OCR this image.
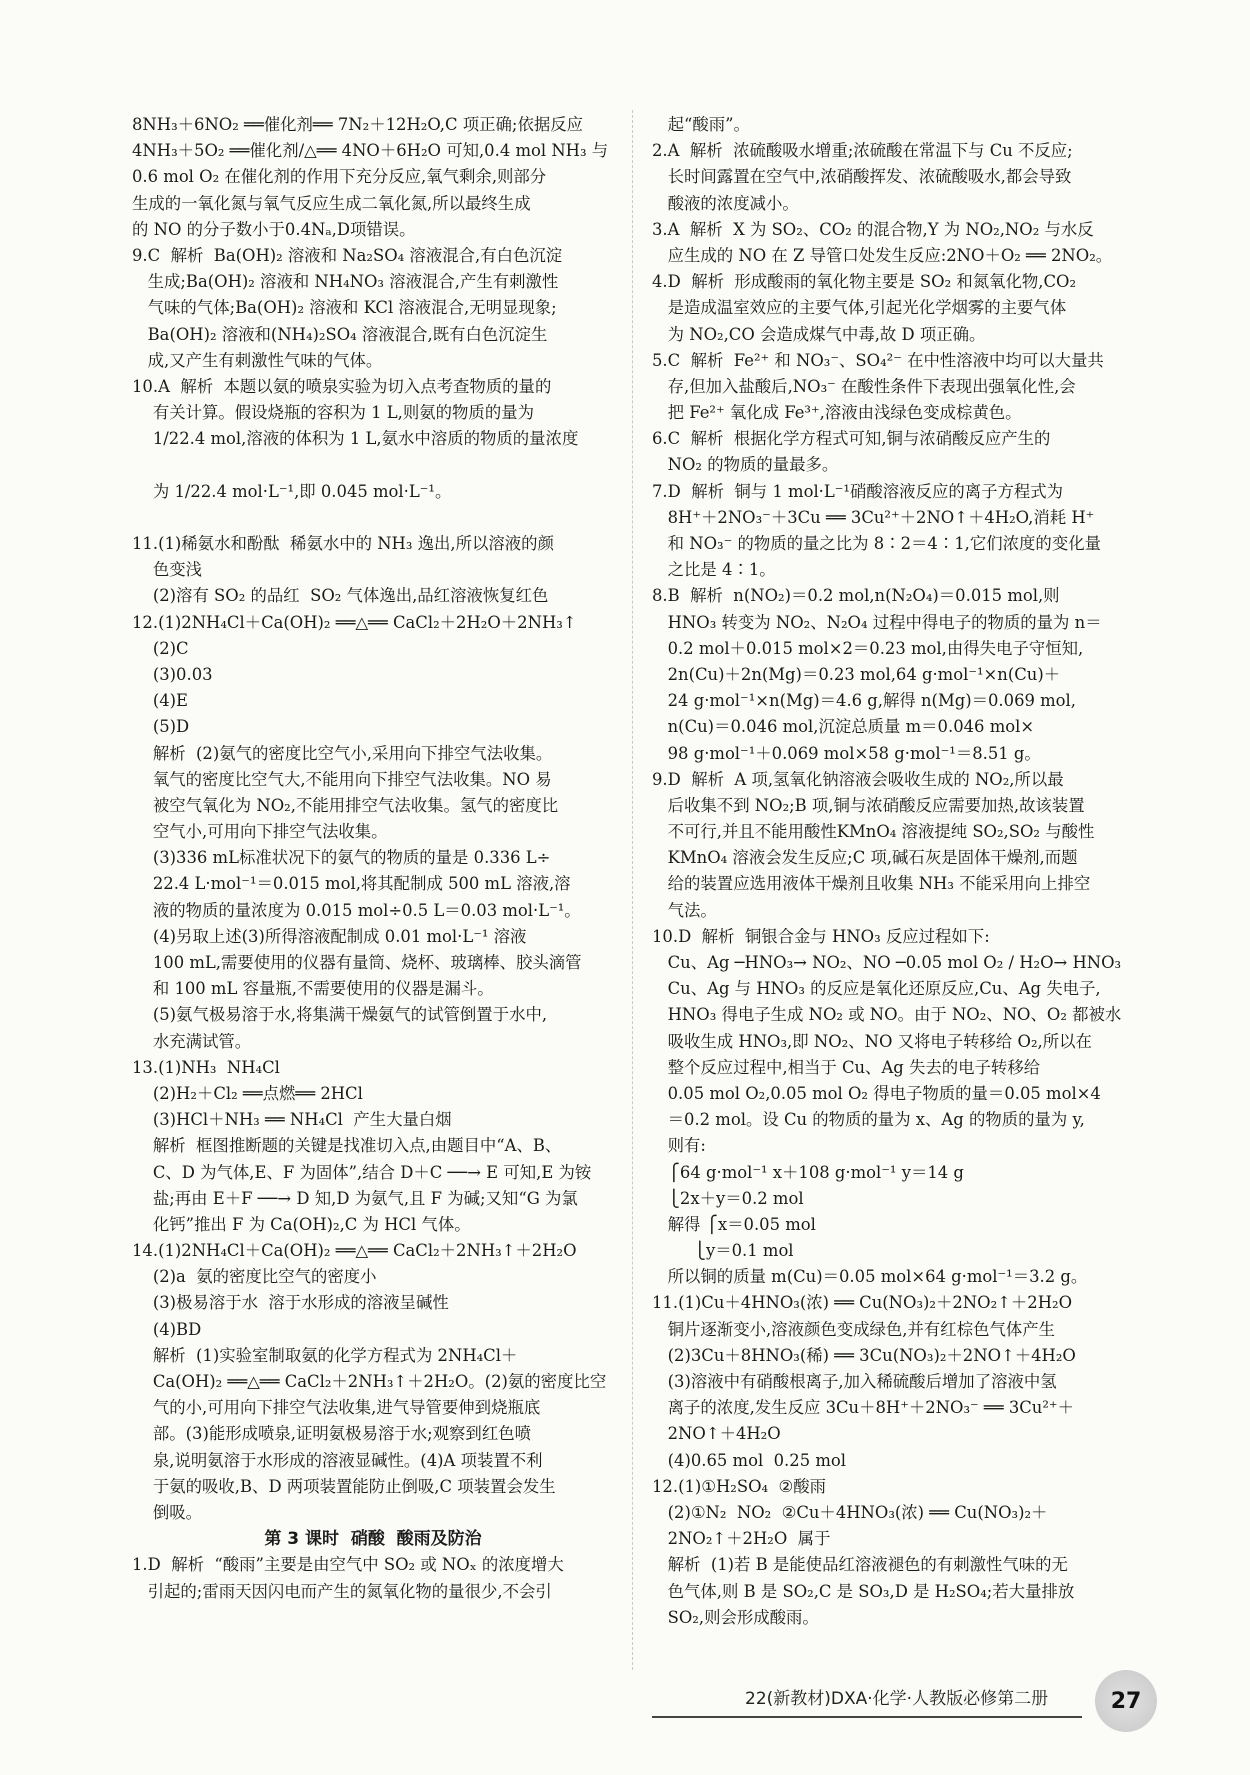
8NH₃＋6NO₂ ══催化剂══ 7N₂＋12H₂O,C 项正确;依据反应
4NH₃＋5O₂ ══催化剂/△══ 4NO＋6H₂O 可知,0.4 mol NH₃ 与
0.6 mol O₂ 在催化剂的作用下充分反应,氧气剩余,则部分
生成的一氧化氮与氧气反应生成二氧化氮,所以最终生成
的 NO 的分子数小于0.4Nₐ,D项错误。
9.C  解析  Ba(OH)₂ 溶液和 Na₂SO₄ 溶液混合,有白色沉淀
生成;Ba(OH)₂ 溶液和 NH₄NO₃ 溶液混合,产生有刺激性
气味的气体;Ba(OH)₂ 溶液和 KCl 溶液混合,无明显现象;
Ba(OH)₂ 溶液和(NH₄)₂SO₄ 溶液混合,既有白色沉淀生
成,又产生有刺激性气味的气体。
10.A  解析  本题以氨的喷泉实验为切入点考查物质的量的
有关计算。假设烧瓶的容积为 1 L,则氨的物质的量为
1/22.4 mol,溶液的体积为 1 L,氨水中溶质的物质的量浓度
为 1/22.4 mol·L⁻¹,即 0.045 mol·L⁻¹。
11.(1)稀氨水和酚酞  稀氨水中的 NH₃ 逸出,所以溶液的颜
色变浅
(2)溶有 SO₂ 的品红  SO₂ 气体逸出,品红溶液恢复红色
12.(1)2NH₄Cl＋Ca(OH)₂ ══△══ CaCl₂＋2H₂O＋2NH₃↑
(2)C
(3)0.03
(4)E
(5)D
解析  (2)氨气的密度比空气小,采用向下排空气法收集。
氧气的密度比空气大,不能用向下排空气法收集。NO 易
被空气氧化为 NO₂,不能用排空气法收集。氢气的密度比
空气小,可用向下排空气法收集。
(3)336 mL标准状况下的氨气的物质的量是 0.336 L÷
22.4 L·mol⁻¹＝0.015 mol,将其配制成 500 mL 溶液,溶
液的物质的量浓度为 0.015 mol÷0.5 L＝0.03 mol·L⁻¹。
(4)另取上述(3)所得溶液配制成 0.01 mol·L⁻¹ 溶液
100 mL,需要使用的仪器有量筒、烧杯、玻璃棒、胶头滴管
和 100 mL 容量瓶,不需要使用的仪器是漏斗。
(5)氨气极易溶于水,将集满干燥氨气的试管倒置于水中,
水充满试管。
13.(1)NH₃  NH₄Cl
(2)H₂＋Cl₂ ══点燃══ 2HCl
(3)HCl＋NH₃ ══ NH₄Cl  产生大量白烟
解析  框图推断题的关键是找准切入点,由题目中“A、B、
C、D 为气体,E、F 为固体”,结合 D＋C ──→ E 可知,E 为铵
盐;再由 E＋F ──→ D 知,D 为氨气,且 F 为碱;又知“G 为氯
化钙”推出 F 为 Ca(OH)₂,C 为 HCl 气体。
14.(1)2NH₄Cl＋Ca(OH)₂ ══△══ CaCl₂＋2NH₃↑＋2H₂O
(2)a  氨的密度比空气的密度小
(3)极易溶于水  溶于水形成的溶液呈碱性
(4)BD
解析  (1)实验室制取氨的化学方程式为 2NH₄Cl＋
Ca(OH)₂ ══△══ CaCl₂＋2NH₃↑＋2H₂O。(2)氨的密度比空
气的小,可用向下排空气法收集,进气导管要伸到烧瓶底
部。(3)能形成喷泉,证明氨极易溶于水;观察到红色喷
泉,说明氨溶于水形成的溶液显碱性。(4)A 项装置不利
于氨的吸收,B、D 两项装置能防止倒吸,C 项装置会发生
倒吸。
第 3 课时  硝酸  酸雨及防治
1.D  解析  “酸雨”主要是由空气中 SO₂ 或 NOₓ 的浓度增大
引起的;雷雨天因闪电而产生的氮氧化物的量很少,不会引
起“酸雨”。
2.A  解析  浓硫酸吸水增重;浓硫酸在常温下与 Cu 不反应;
长时间露置在空气中,浓硝酸挥发、浓硫酸吸水,都会导致
酸液的浓度减小。
3.A  解析  X 为 SO₂、CO₂ 的混合物,Y 为 NO₂,NO₂ 与水反
应生成的 NO 在 Z 导管口处发生反应:2NO＋O₂ ══ 2NO₂。
4.D  解析  形成酸雨的氧化物主要是 SO₂ 和氮氧化物,CO₂
是造成温室效应的主要气体,引起光化学烟雾的主要气体
为 NO₂,CO 会造成煤气中毒,故 D 项正确。
5.C  解析  Fe²⁺ 和 NO₃⁻、SO₄²⁻ 在中性溶液中均可以大量共
存,但加入盐酸后,NO₃⁻ 在酸性条件下表现出强氧化性,会
把 Fe²⁺ 氧化成 Fe³⁺,溶液由浅绿色变成棕黄色。
6.C  解析  根据化学方程式可知,铜与浓硝酸反应产生的
NO₂ 的物质的量最多。
7.D  解析  铜与 1 mol·L⁻¹硝酸溶液反应的离子方程式为
8H⁺＋2NO₃⁻＋3Cu ══ 3Cu²⁺＋2NO↑＋4H₂O,消耗 H⁺
和 NO₃⁻ 的物质的量之比为 8∶2＝4∶1,它们浓度的变化量
之比是 4∶1。
8.B  解析  n(NO₂)＝0.2 mol,n(N₂O₄)＝0.015 mol,则
HNO₃ 转变为 NO₂、N₂O₄ 过程中得电子的物质的量为 n＝
0.2 mol＋0.015 mol×2＝0.23 mol,由得失电子守恒知,
2n(Cu)＋2n(Mg)＝0.23 mol,64 g·mol⁻¹×n(Cu)＋
24 g·mol⁻¹×n(Mg)＝4.6 g,解得 n(Mg)＝0.069 mol,
n(Cu)＝0.046 mol,沉淀总质量 m＝0.046 mol×
98 g·mol⁻¹＋0.069 mol×58 g·mol⁻¹＝8.51 g。
9.D  解析  A 项,氢氧化钠溶液会吸收生成的 NO₂,所以最
后收集不到 NO₂;B 项,铜与浓硝酸反应需要加热,故该装置
不可行,并且不能用酸性KMnO₄ 溶液提纯 SO₂,SO₂ 与酸性
KMnO₄ 溶液会发生反应;C 项,碱石灰是固体干燥剂,而题
给的装置应选用液体干燥剂且收集 NH₃ 不能采用向上排空
气法。
10.D  解析  铜银合金与 HNO₃ 反应过程如下:
Cu、Ag ─HNO₃→ NO₂、NO ─0.05 mol O₂ / H₂O→ HNO₃
Cu、Ag 与 HNO₃ 的反应是氧化还原反应,Cu、Ag 失电子,
HNO₃ 得电子生成 NO₂ 或 NO。由于 NO₂、NO、O₂ 都被水
吸收生成 HNO₃,即 NO₂、NO 又将电子转移给 O₂,所以在
整个反应过程中,相当于 Cu、Ag 失去的电子转移给
0.05 mol O₂,0.05 mol O₂ 得电子物质的量＝0.05 mol×4
＝0.2 mol。设 Cu 的物质的量为 x、Ag 的物质的量为 y,
则有:
⎧64 g·mol⁻¹ x＋108 g·mol⁻¹ y＝14 g
⎩2x＋y＝0.2 mol
解得 ⎧x＝0.05 mol
⎩y＝0.1 mol
所以铜的质量 m(Cu)＝0.05 mol×64 g·mol⁻¹＝3.2 g。
11.(1)Cu＋4HNO₃(浓) ══ Cu(NO₃)₂＋2NO₂↑＋2H₂O
铜片逐渐变小,溶液颜色变成绿色,并有红棕色气体产生
(2)3Cu＋8HNO₃(稀) ══ 3Cu(NO₃)₂＋2NO↑＋4H₂O
(3)溶液中有硝酸根离子,加入稀硫酸后增加了溶液中氢
离子的浓度,发生反应 3Cu＋8H⁺＋2NO₃⁻ ══ 3Cu²⁺＋
2NO↑＋4H₂O
(4)0.65 mol  0.25 mol
12.(1)①H₂SO₄  ②酸雨
(2)①N₂  NO₂  ②Cu＋4HNO₃(浓) ══ Cu(NO₃)₂＋
2NO₂↑＋2H₂O  属于
解析  (1)若 B 是能使品红溶液褪色的有刺激性气味的无
色气体,则 B 是 SO₂,C 是 SO₃,D 是 H₂SO₄;若大量排放
SO₂,则会形成酸雨。
22(新教材)DXA·化学·人教版必修第二册	27
